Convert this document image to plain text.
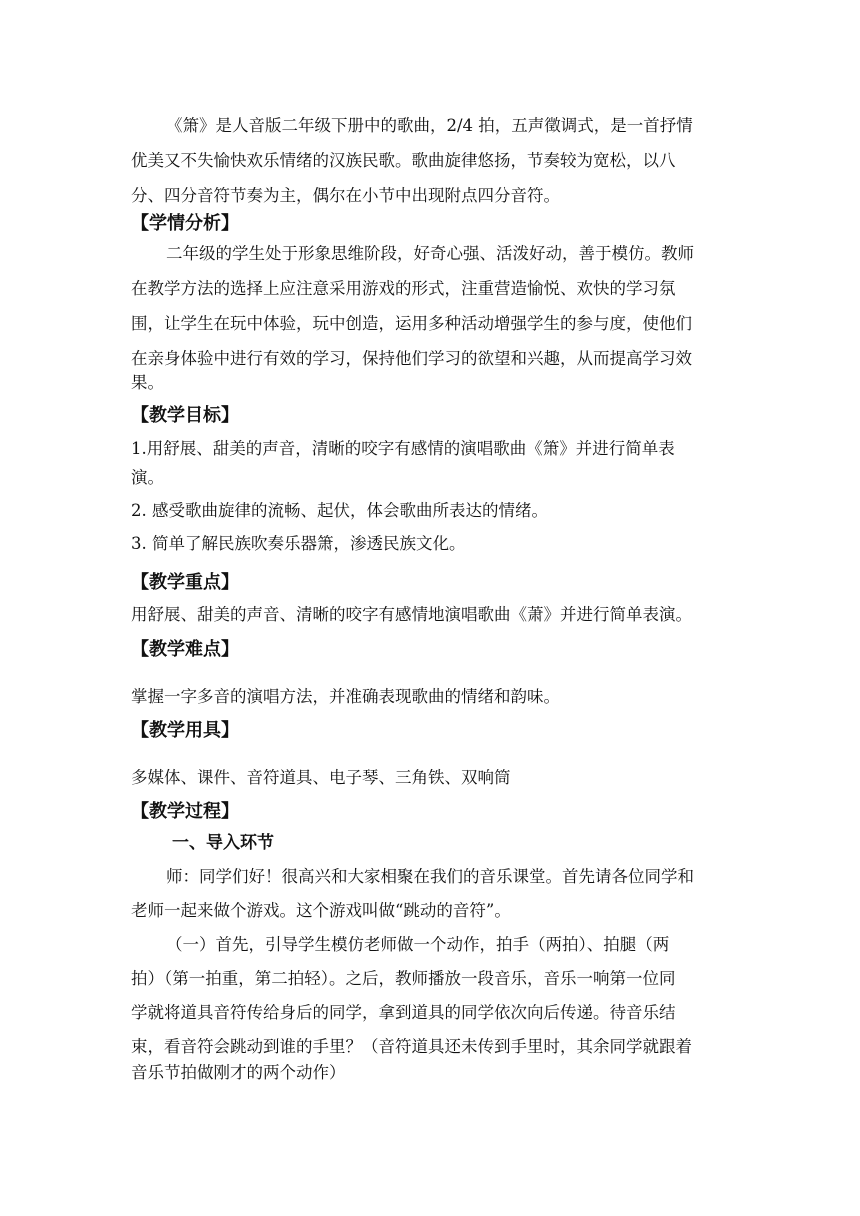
《箫》是人音版二年级下册中的歌曲，2/4 拍，五声徵调式，是一首抒情
优美又不失愉快欢乐情绪的汉族民歌。歌曲旋律悠扬，节奏较为宽松，以八
分、四分音符节奏为主，偶尔在小节中出现附点四分音符。
【学情分析】
二年级的学生处于形象思维阶段，好奇心强、活泼好动，善于模仿。教师
在教学方法的选择上应注意采用游戏的形式，注重营造愉悦、欢快的学习氛
围，让学生在玩中体验，玩中创造，运用多种活动增强学生的参与度，使他们
在亲身体验中进行有效的学习，保持他们学习的欲望和兴趣，从而提高学习效
果。
【教学目标】
1.用舒展、甜美的声音，清晰的咬字有感情的演唱歌曲《箫》并进行简单表
演。
2. 感受歌曲旋律的流畅、起伏，体会歌曲所表达的情绪。
3. 简单了解民族吹奏乐器箫，渗透民族文化。
【教学重点】
用舒展、甜美的声音、清晰的咬字有感情地演唱歌曲《萧》并进行简单表演。
【教学难点】
掌握一字多音的演唱方法，并准确表现歌曲的情绪和韵味。
【教学用具】
多媒体、课件、音符道具、电子琴、三角铁、双响筒
【教学过程】
一、导入环节
师：同学们好！很高兴和大家相聚在我们的音乐课堂。首先请各位同学和
老师一起来做个游戏。这个游戏叫做“跳动的音符”。
（一）首先，引导学生模仿老师做一个动作，拍手（两拍）、拍腿（两
拍）（第一拍重，第二拍轻）。之后，教师播放一段音乐，音乐一响第一位同
学就将道具音符传给身后的同学，拿到道具的同学依次向后传递。待音乐结
束，看音符会跳动到谁的手里？（音符道具还未传到手里时，其余同学就跟着
音乐节拍做刚才的两个动作）
